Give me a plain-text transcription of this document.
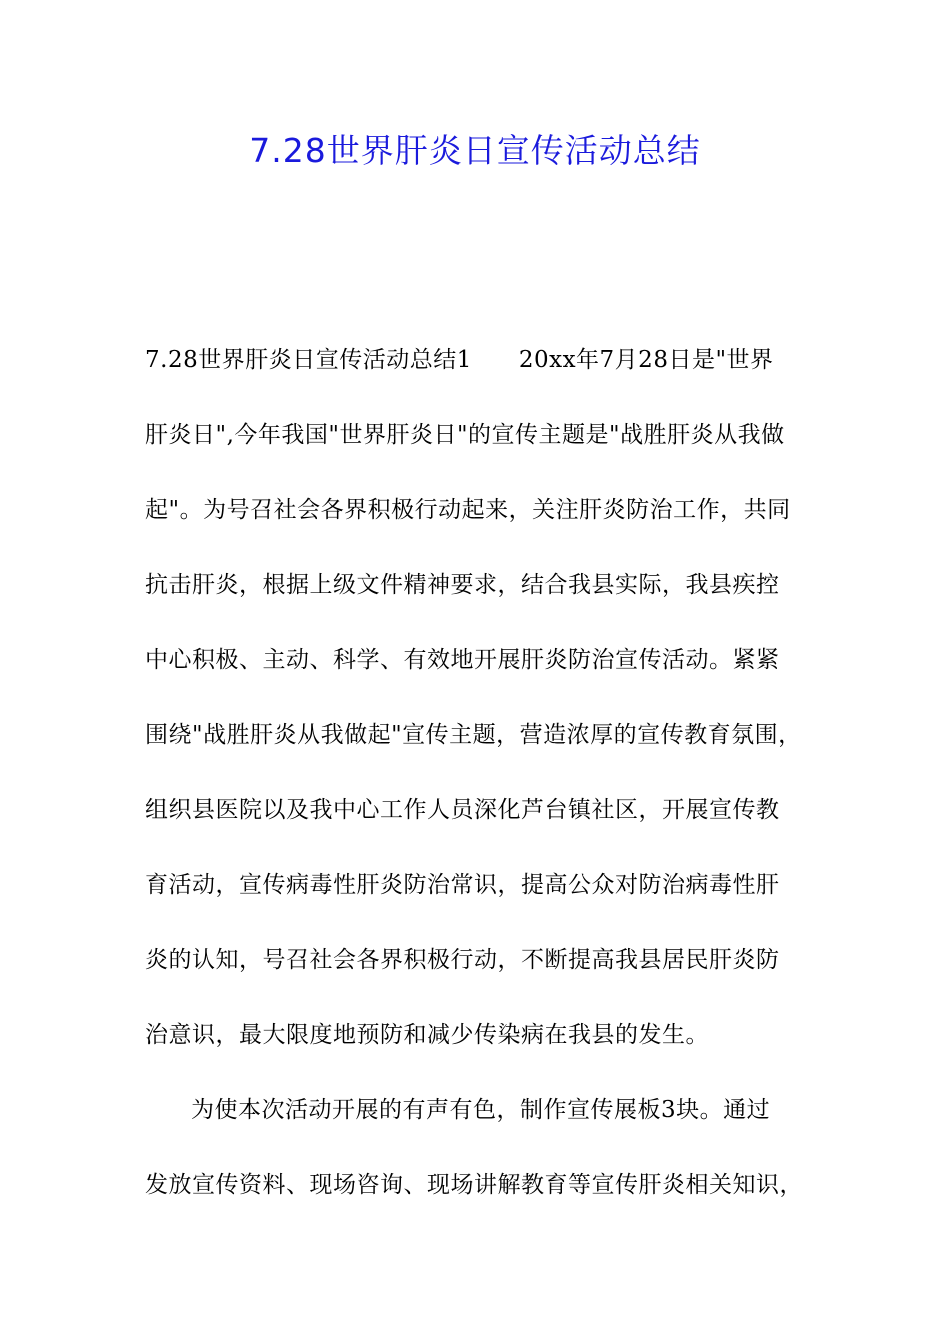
7.28世界肝炎日宣传活动总结
7.28世界肝炎日宣传活动总结1　　20xx年7月28日是"世界
肝炎日",今年我国"世界肝炎日"的宣传主题是"战胜肝炎从我做
起"。为号召社会各界积极行动起来，关注肝炎防治工作，共同
抗击肝炎，根据上级文件精神要求，结合我县实际，我县疾控
中心积极、主动、科学、有效地开展肝炎防治宣传活动。紧紧
围绕"战胜肝炎从我做起"宣传主题，营造浓厚的宣传教育氛围，
组织县医院以及我中心工作人员深化芦台镇社区，开展宣传教
育活动，宣传病毒性肝炎防治常识，提高公众对防治病毒性肝
炎的认知，号召社会各界积极行动，不断提高我县居民肝炎防
治意识，最大限度地预防和减少传染病在我县的发生。
为使本次活动开展的有声有色，制作宣传展板3块。通过
发放宣传资料、现场咨询、现场讲解教育等宣传肝炎相关知识，
